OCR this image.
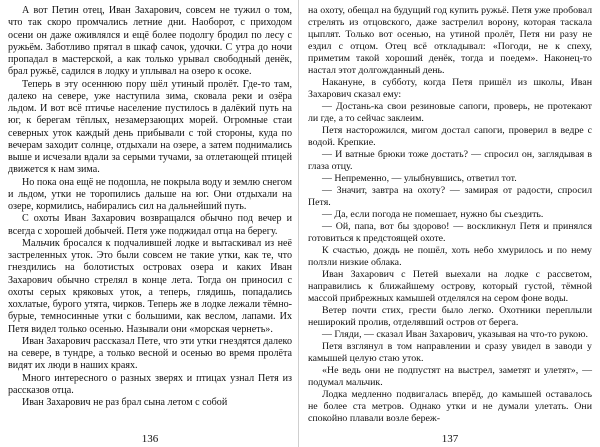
А вот Петин отец, Иван Захарович, совсем не тужил о том, что так скоро промчались летние дни. Наоборот, с приходом осени он даже оживлялся и ещё более подолгу бродил по лесу с ружьём. Заботливо прятал в шкаф сачок, удочки. С утра до ночи пропадал в мастерской, а как только урывал свободный денёк, брал ружьё, садился в лодку и уплывал на озеро к осоке.

Теперь в эту осеннюю пору шёл утиный пролёт. Где-то там, далеко на севере, уже наступила зима, сковала реки и озёра льдом. И вот всё птичье население пустилось в далёкий путь на юг, к берегам тёплых, незамерзающих морей. Огромные стаи северных уток каждый день прибывали с той стороны, куда по вечерам заходит солнце, отдыхали на озере, а затем поднимались выше и исчезали вдали за серыми тучами, за отлетающей птицей движется к нам зима.

Но пока она ещё не подошла, не покрыла воду и землю снегом и льдом, утки не торопились дальше на юг. Они отдыхали на озере, кормились, набирались сил на дальнейший путь.

С охоты Иван Захарович возвращался обычно под вечер и всегда с хорошей добычей. Петя уже поджидал отца на берегу.

Мальчик бросался к подчалившей лодке и вытаскивал из неё застреленных уток. Это были совсем не такие утки, как те, что гнездились на болотистых островах озера и каких Иван Захарович обычно стрелял в конце лета. Тогда он приносил с охоты серых кряковых уток, а теперь, глядишь, попадались хохлатые, бурого утята, чирков. Теперь же в лодке лежали тёмно-бурые, темносинные утки с большими, как веслом, лапами. Их Петя видел только осенью. Называли они «морская чернеть».

Иван Захарович рассказал Пете, что эти утки гнездятся далеко на севере, в тундре, а только весной и осенью во время пролёта видят их люди в наших краях.

Много интересного о разных зверях и птицах узнал Петя из рассказов отца.

Иван Захарович не раз брал сына летом с собой

136

на охоту, обещал на будущий год купить ружьё. Петя уже пробовал стрелять из отцовского, даже застрелил ворону, которая таскала цыплят. Только вот осенью, на утиной пролёт, Петя ни разу не ездил с отцом. Отец всё откладывал: «Погоди, не к спеху, приметим такой хороший денёк, тогда и поедем». Наконец-то настал этот долгожданный день.

Накануне, в субботу, когда Петя пришёл из школы, Иван Захарович сказал ему:

— Достань-ка свои резиновые сапоги, проверь, не протекают ли где, а то сейчас заклеим.

Петя насторожился, мигом достал сапоги, проверил в ведре с водой. Крепкие.

— И ватные брюки тоже достать? — спросил он, заглядывая в глаза отцу.

— Непременно, — улыбнувшись, ответил тот.

— Значит, завтра на охоту? — замирая от радости, спросил Петя.

— Да, если погода не помешает, нужно бы съездить.

— Ой, папа, вот бы здорово! — воскликнул Петя и принялся готовиться к предстоящей охоте.

К счастью, дождь не пошёл, хоть небо хмурилось и по нему ползли низкие облака.

Иван Захарович с Петей выехали на лодке с рассветом, направились к ближайшему острову, который густой, тёмной массой прибрежных камышей отделялся на сером фоне воды.

Ветер почти стих, грести было легко. Охотники переплыли неширокий пролив, отделявший остров от берега.

— Гляди, — сказал Иван Захарович, указывая на что-то рукою.

Петя взглянул в том направлении и сразу увидел в заводи у камышей целую стаю уток.

«Не ведь они не подпустят на выстрел, заметят и улетят», — подумал мальчик.

Лодка медленно подвигалась вперёд, до камышей оставалось не более ста метров. Однако утки и не думали улетать. Они спокойно плавали возле береж-

137
